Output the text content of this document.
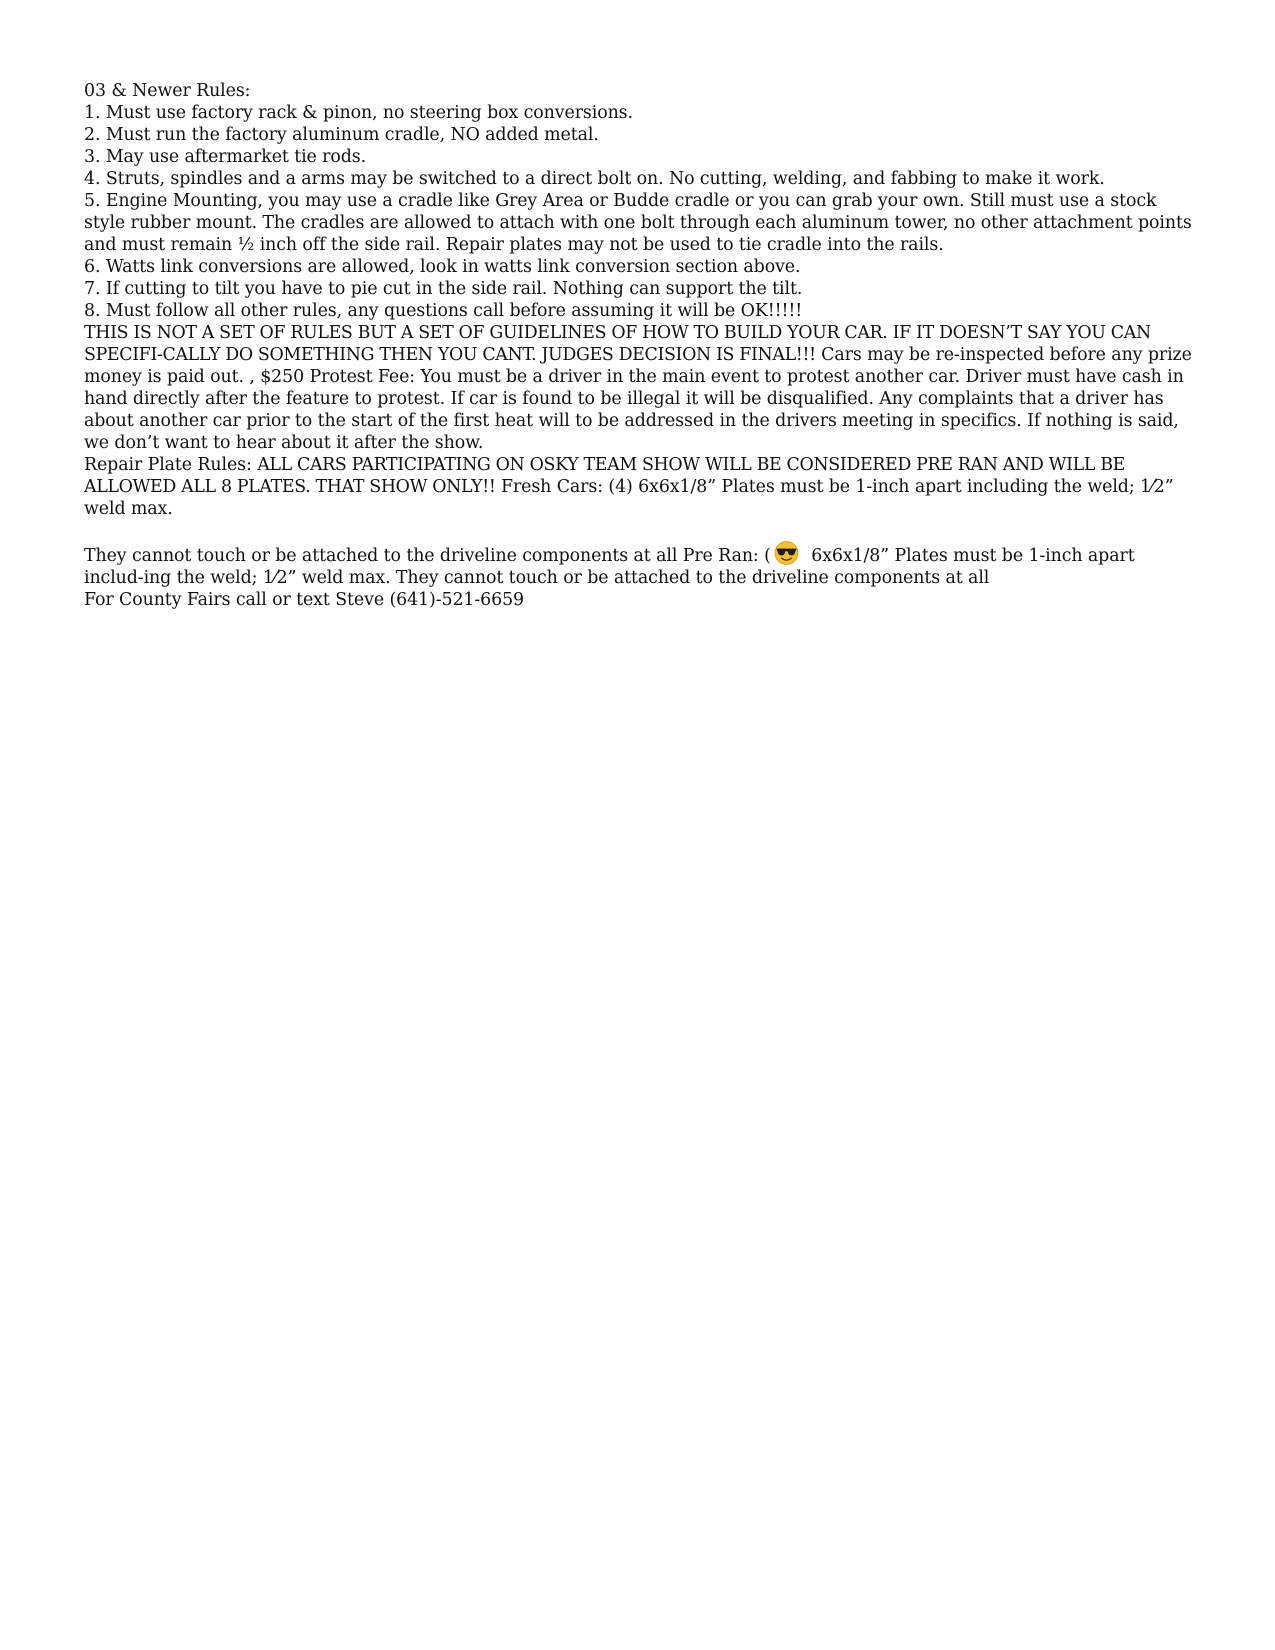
03 & Newer Rules:
1. Must use factory rack & pinon, no steering box conversions.
2. Must run the factory aluminum cradle, NO added metal.
3. May use aftermarket tie rods.
4. Struts, spindles and a arms may be switched to a direct bolt on. No cutting, welding, and fabbing to make it work.
5. Engine Mounting, you may use a cradle like Grey Area or Budde cradle or you can grab your own. Still must use a stock style rubber mount. The cradles are allowed to attach with one bolt through each aluminum tower, no other attachment points and must remain ½ inch off the side rail. Repair plates may not be used to tie cradle into the rails.
6. Watts link conversions are allowed, look in watts link conversion section above.
7. If cutting to tilt you have to pie cut in the side rail. Nothing can support the tilt.
8. Must follow all other rules, any questions call before assuming it will be OK!!!!!
THIS IS NOT A SET OF RULES BUT A SET OF GUIDELINES OF HOW TO BUILD YOUR CAR. IF IT DOESN’T SAY YOU CAN SPECIFI-CALLY DO SOMETHING THEN YOU CANT. JUDGES DECISION IS FINAL!!! Cars may be re-inspected before any prize money is paid out. , $250 Protest Fee: You must be a driver in the main event to protest another car. Driver must have cash in hand directly after the feature to protest. If car is found to be illegal it will be disqualified. Any complaints that a driver has about another car prior to the start of the first heat will to be addressed in the drivers meeting in specifics. If nothing is said, we don’t want to hear about it after the show.
Repair Plate Rules: ALL CARS PARTICIPATING ON OSKY TEAM SHOW WILL BE CONSIDERED PRE RAN AND WILL BE ALLOWED ALL 8 PLATES. THAT SHOW ONLY!! Fresh Cars: (4) 6x6x1/8” Plates must be 1-inch apart including the weld; 1⁄2” weld max.
They cannot touch or be attached to the driveline components at all Pre Ran: ( 6x6x1/8” Plates must be 1-inch apart includ-ing the weld; 1⁄2” weld max. They cannot touch or be attached to the driveline components at all
For County Fairs call or text Steve (641)-521-6659
